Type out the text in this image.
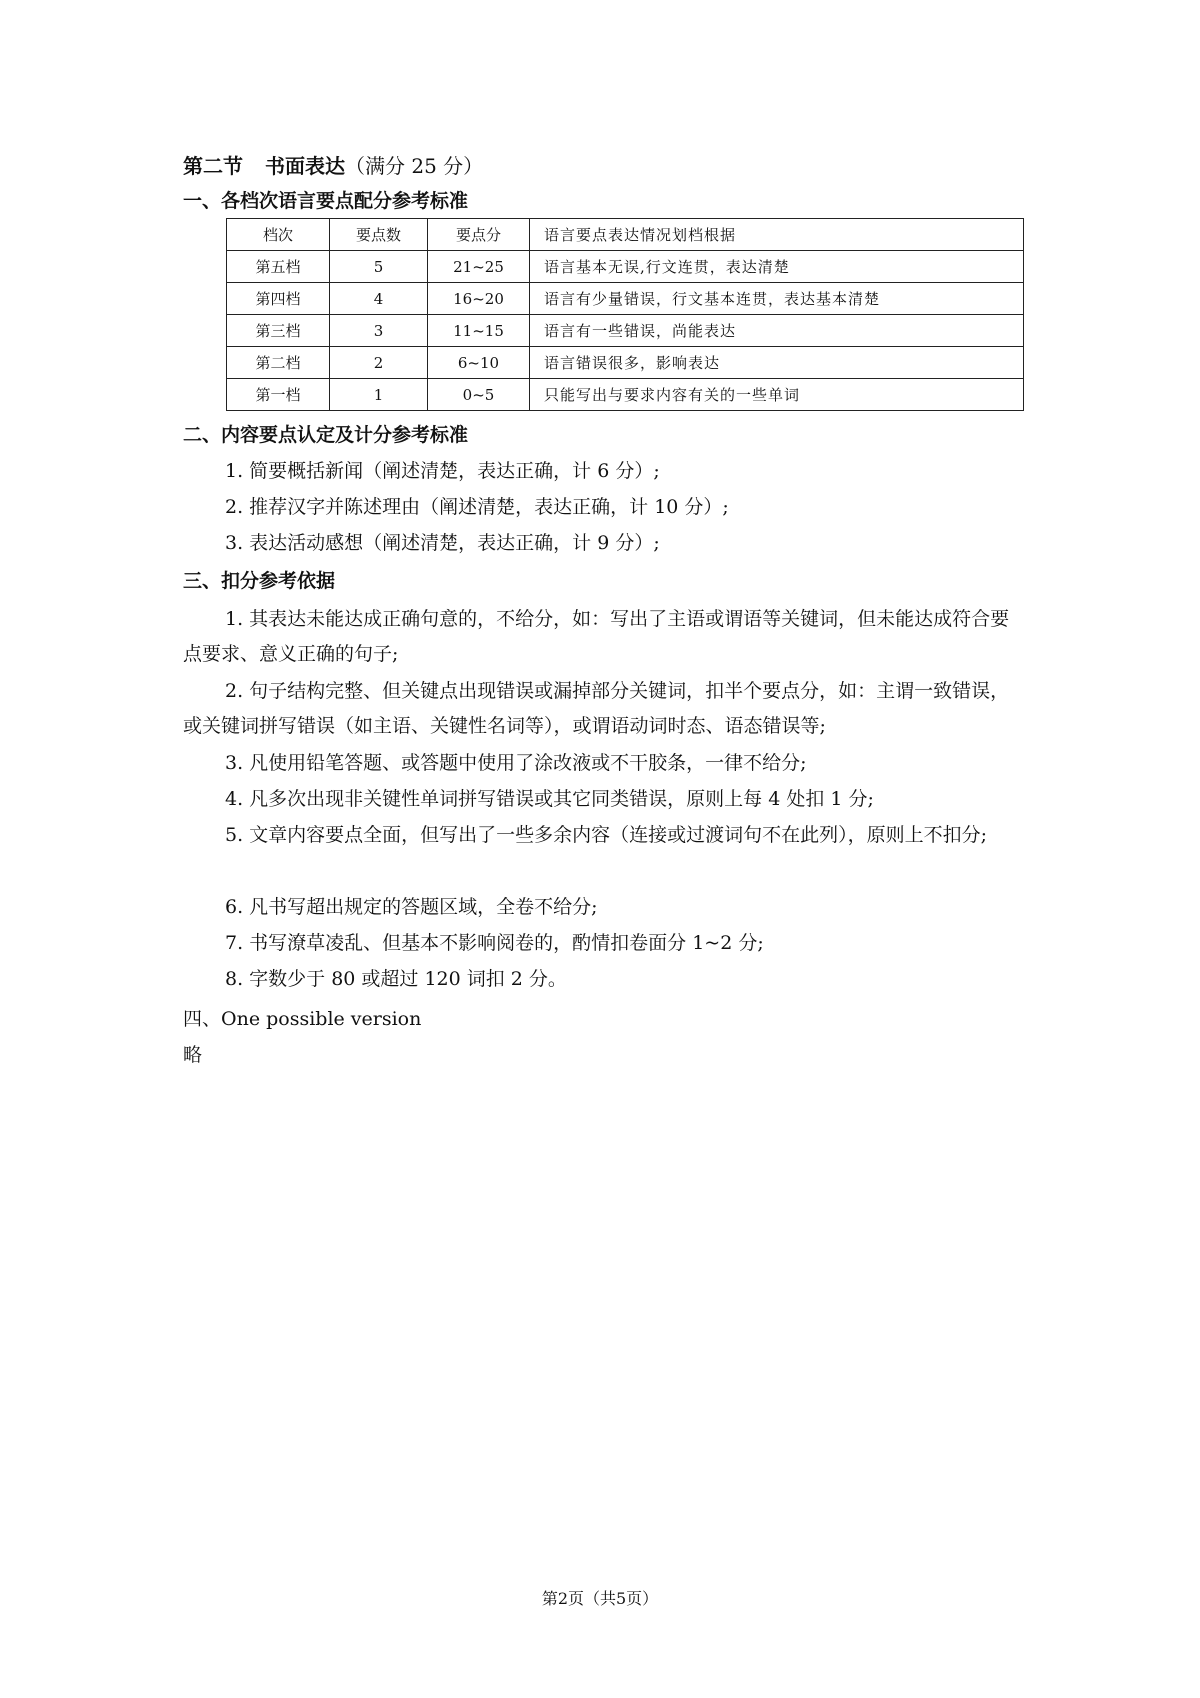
第二节 书面表达（满分 25 分）
一、各档次语言要点配分参考标准
档次	要点数	要点分	语言要点表达情况划档根据
第五档	5	21~25	语言基本无误,行文连贯，表达清楚
第四档	4	16~20	语言有少量错误，行文基本连贯，表达基本清楚
第三档	3	11~15	语言有一些错误，尚能表达
第二档	2	6~10	语言错误很多，影响表达
第一档	1	0~5	只能写出与要求内容有关的一些单词
二、内容要点认定及计分参考标准
1. 简要概括新闻（阐述清楚，表达正确，计 6 分）;
2. 推荐汉字并陈述理由（阐述清楚，表达正确，计 10 分）;
3. 表达活动感想（阐述清楚，表达正确，计 9 分）;
三、扣分参考依据
1. 其表达未能达成正确句意的，不给分，如：写出了主语或谓语等关键词，但未能达成符合要点要求、意义正确的句子;
2. 句子结构完整、但关键点出现错误或漏掉部分关键词，扣半个要点分，如：主谓一致错误，或关键词拼写错误（如主语、关键性名词等），或谓语动词时态、语态错误等;
3. 凡使用铅笔答题、或答题中使用了涂改液或不干胶条，一律不给分;
4. 凡多次出现非关键性单词拼写错误或其它同类错误，原则上每 4 处扣 1 分;
5. 文章内容要点全面，但写出了一些多余内容（连接或过渡词句不在此列），原则上不扣分;
6. 凡书写超出规定的答题区域，全卷不给分;
7. 书写潦草凌乱、但基本不影响阅卷的，酌情扣卷面分 1~2 分;
8. 字数少于 80 或超过 120 词扣 2 分。
四、One possible version
略
第2页（共5页）
